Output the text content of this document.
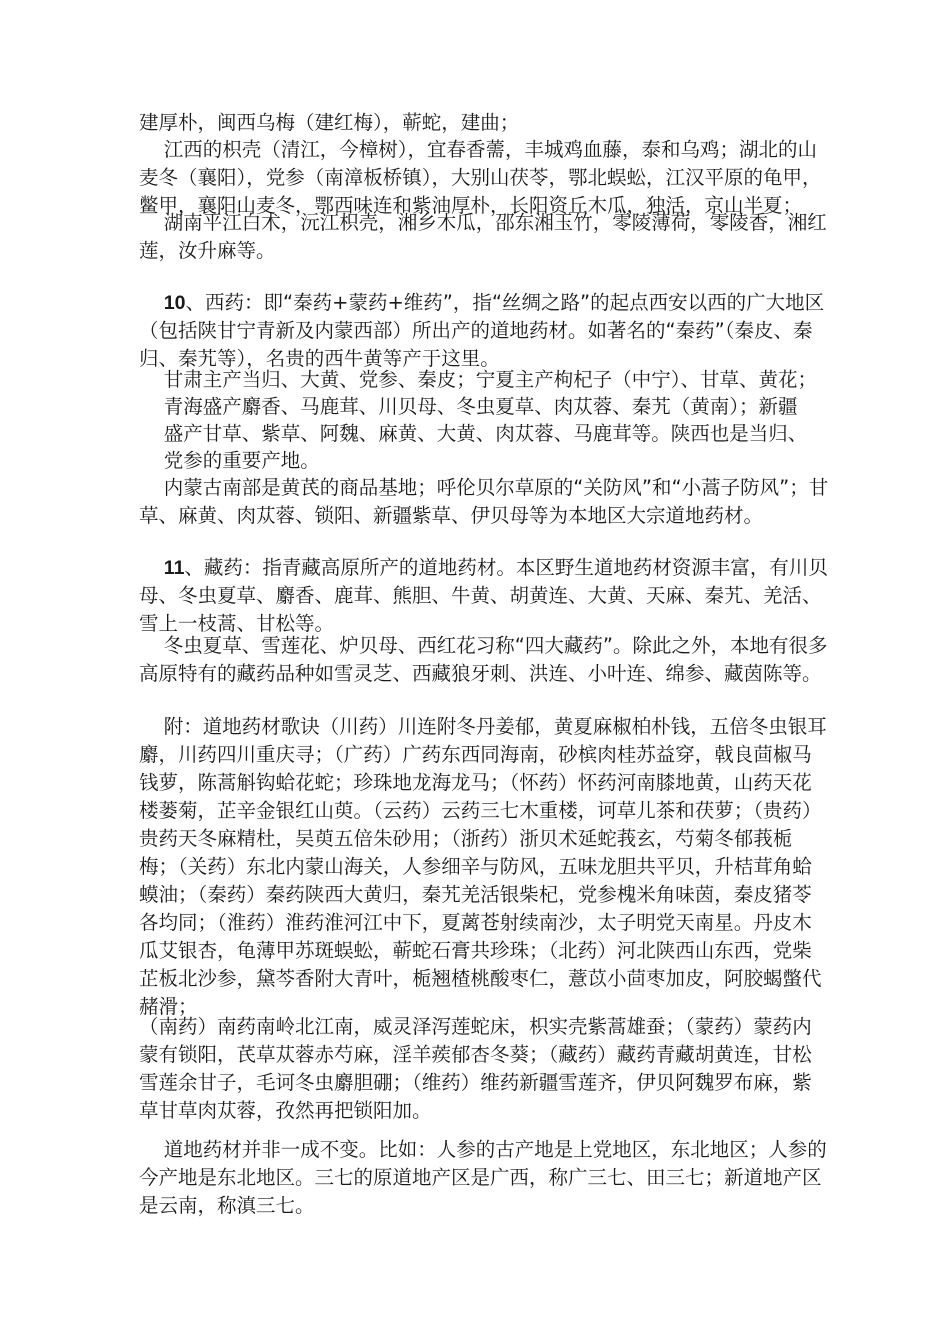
建厚朴，闽西乌梅（建红梅），蕲蛇，建曲；

江西的枳壳（清江，今樟树），宜春香薷，丰城鸡血藤，泰和乌鸡；湖北的山麦冬（襄阳），党参（南漳板桥镇），大别山茯苓，鄂北蜈蚣，江汉平原的龟甲，鳖甲，襄阳山麦冬，鄂西味连和紫油厚朴，长阳资丘木瓜，独活，京山半夏；

湖南平江白术，沅江枳壳，湘乡木瓜，邵东湘玉竹，零陵薄荷，零陵香，湘红莲，汝升麻等。

10、西药：即“秦药+蒙药+维药”，指“丝绸之路”的起点西安以西的广大地区（包括陕甘宁青新及内蒙西部）所出产的道地药材。如著名的“秦药”（秦皮、秦归、秦艽等），名贵的西牛黄等产于这里。

甘肃主产当归、大黄、党参、秦皮；宁夏主产枸杞子（中宁）、甘草、黄花；

青海盛产麝香、马鹿茸、川贝母、冬虫夏草、肉苁蓉、秦艽（黄南）；新疆

盛产甘草、紫草、阿魏、麻黄、大黄、肉苁蓉、马鹿茸等。陕西也是当归、

党参的重要产地。

内蒙古南部是黄芪的商品基地；呼伦贝尔草原的“关防风”和“小蒿子防风”；甘草、麻黄、肉苁蓉、锁阳、新疆紫草、伊贝母等为本地区大宗道地药材。

11、藏药：指青藏高原所产的道地药材。本区野生道地药材资源丰富，有川贝母、冬虫夏草、麝香、鹿茸、熊胆、牛黄、胡黄连、大黄、天麻、秦艽、羌活、雪上一枝蒿、甘松等。

冬虫夏草、雪莲花、炉贝母、西红花习称“四大藏药”。除此之外，本地有很多高原特有的藏药品种如雪灵芝、西藏狼牙刺、洪连、小叶连、绵参、藏茵陈等。

附：道地药材歌诀（川药）川连附冬丹姜郁，黄夏麻椒柏朴钱，五倍冬虫银耳麝，川药四川重庆寻；（广药）广药东西同海南，砂槟肉桂苏益穿，戟良茴椒马钱萝，陈蒿斛钩蛤花蛇；珍珠地龙海龙马；（怀药）怀药河南膝地黄，山药天花楼蒌菊，芷辛金银红山萸。（云药）云药三七木重楼，诃草儿茶和茯萝；（贵药）贵药天冬麻精杜，吴萸五倍朱砂用；（浙药）浙贝术延蛇莪玄，芍菊冬郁莪栀梅；（关药）东北内蒙山海关，人参细辛与防风，五味龙胆共平贝，升桔茸角蛤蟆油；（秦药）秦药陕西大黄归，秦艽羌活银柴杞，党参槐米角味茵，秦皮猪苓各均同；（淮药）淮药淮河江中下，夏蓠苍射续南沙，太子明党天南星。丹皮木瓜艾银杏，龟薄甲苏斑蜈蚣，蕲蛇石膏共珍珠；（北药）河北陕西山东西，党柴芷板北沙参，黛芩香附大青叶，栀翘楂桃酸枣仁，薏苡小茴枣加皮，阿胶蝎蟞代赭滑；

（南药）南药南岭北江南，威灵泽泻莲蛇床，枳实壳紫蒿雄蚕；（蒙药）蒙药内蒙有锁阳，芪草苁蓉赤芍麻，淫羊蒺郁杏冬葵；（藏药）藏药青藏胡黄连，甘松雪莲余甘子，毛诃冬虫麝胆硼；（维药）维药新疆雪莲齐，伊贝阿魏罗布麻，紫草甘草肉苁蓉，孜然再把锁阳加。

道地药材并非一成不变。比如：人参的古产地是上党地区，东北地区；人参的今产地是东北地区。三七的原道地产区是广西，称广三七、田三七；新道地产区是云南，称滇三七。
